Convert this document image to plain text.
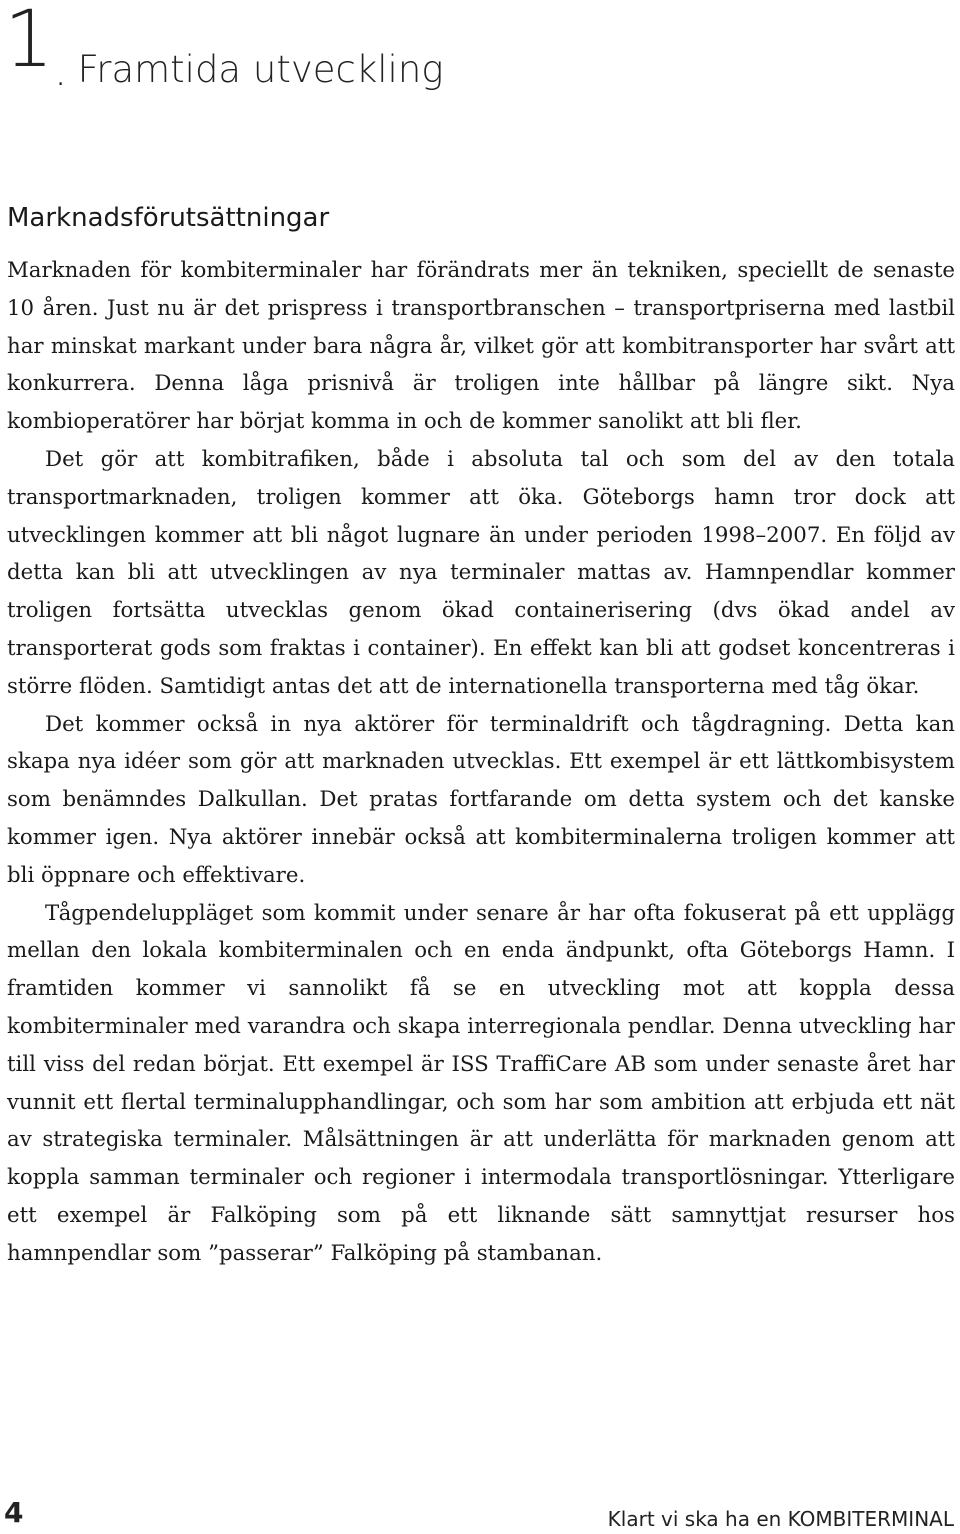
1 . Framtida utveckling
Marknadsförutsättningar

Marknaden för kombiterminaler har förändrats mer än tekniken, speciellt de senaste 10 åren. Just nu är det prispress i transportbranschen – transportpriserna med lastbil har minskat markant under bara några år, vilket gör att kombitransporter har svårt att konkurrera. Denna låga prisnivå är troligen inte hållbar på längre sikt. Nya kombioperatörer har börjat komma in och de kommer sanolikt att bli fler.

Det gör att kombitrafiken, både i absoluta tal och som del av den totala transportmarknaden, troligen kommer att öka. Göteborgs hamn tror dock att utvecklingen kommer att bli något lugnare än under perioden 1998–2007. En följd av detta kan bli att utvecklingen av nya terminaler mattas av. Hamnpendlar kommer troligen fortsätta utvecklas genom ökad containerisering (dvs ökad andel av transporterat gods som fraktas i container). En effekt kan bli att godset koncentreras i större flöden. Samtidigt antas det att de internationella transporterna med tåg ökar.

Det kommer också in nya aktörer för terminaldrift och tågdragning. Detta kan skapa nya idéer som gör att marknaden utvecklas. Ett exempel är ett lättkombisystem som benämndes Dalkullan. Det pratas fortfarande om detta system och det kanske kommer igen. Nya aktörer innebär också att kombiterminalerna troligen kommer att bli öppnare och effektivare.

Tågpendeluppläget som kommit under senare år har ofta fokuserat på ett upplägg mellan den lokala kombiterminalen och en enda ändpunkt, ofta Göteborgs Hamn. I framtiden kommer vi sannolikt få se en utveckling mot att koppla dessa kombiterminaler med varandra och skapa interregionala pendlar. Denna utveckling har till viss del redan börjat. Ett exempel är ISS TraffiCare AB som under senaste året har vunnit ett flertal terminalupphandlingar, och som har som ambition att erbjuda ett nät av strategiska terminaler. Målsättningen är att underlätta för marknaden genom att koppla samman terminaler och regioner i intermodala transportlösningar. Ytterligare ett exempel är Falköping som på ett liknande sätt samnyttjat resurser hos hamnpendlar som ”passerar” Falköping på stambanan.

4	Klart vi ska ha en KOMBITERMINAL
